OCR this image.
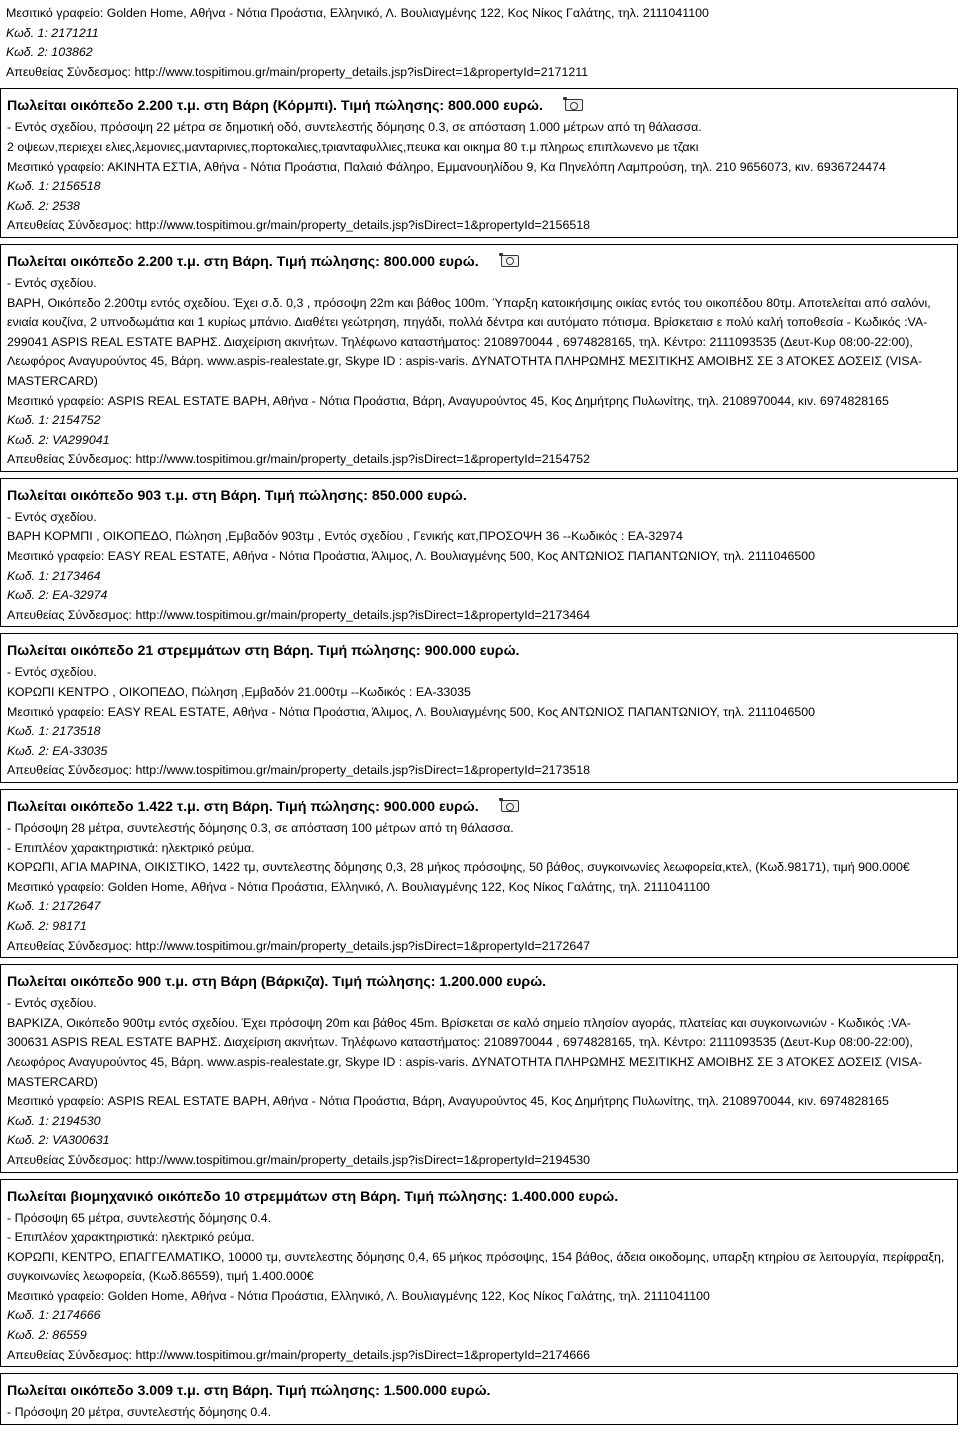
Μεσιτικό γραφείο: Golden Home, Αθήνα - Νότια Προάστια, Ελληνικό, Λ. Βουλιαγμένης 122, Κος Νίκος Γαλάτης, τηλ. 2111041100

Κωδ. 1: 2171211

Κωδ. 2: 103862

Απευθείας Σύνδεσμος: http://www.tospitimou.gr/main/property_details.jsp?isDirect=1&propertyId=2171211

Πωλείται οικόπεδο 2.200 τ.μ. στη Βάρη (Κόρμπι). Τιμή πώλησης: 800.000 ευρώ.

- Εντός σχεδίου, πρόσοψη 22 μέτρα σε δημοτική οδό, συντελεστής δόμησης 0.3, σε απόσταση 1.000 μέτρων από τη θάλασσα.

2 οψεων,περιεχει ελιες,λεμονιες,μανταρινιες,πορτοκαλιες,τριανταφυλλιες,πευκα και οικημα 80 τ.μ πληρως επιπλωνενο με τζακι

Μεσιτικό γραφείο: ΑΚΙΝΗΤΑ ΕΣΤΙΑ, Αθήνα - Νότια Προάστια, Παλαιό Φάληρο, Εμμανουηλίδου 9, Κα Πηνελόπη Λαμπρούση, τηλ. 210 9656073, κιν. 6936724474

Κωδ. 1: 2156518

Κωδ. 2: 2538

Απευθείας Σύνδεσμος: http://www.tospitimou.gr/main/property_details.jsp?isDirect=1&propertyId=2156518

Πωλείται οικόπεδο 2.200 τ.μ. στη Βάρη. Τιμή πώλησης: 800.000 ευρώ.

- Εντός σχεδίου.

ΒΑΡΗ, Οικόπεδο 2.200τμ εντός σχεδίου. Έχει σ.δ. 0,3 , πρόσοψη 22m και βάθος 100m. Ύπαρξη κατοικήσιμης οικίας εντός του οικοπέδου 80τμ. Αποτελείται από σαλόνι, ενιαία κουζίνα, 2 υπνοδωμάτια και 1 κυρίως μπάνιο. Διαθέτει γεώτρηση, πηγάδι, πολλά δέντρα και αυτόματο πότισμα. Βρίσκεταισ ε πολύ καλή τοποθεσία - Κωδικός :VA-299041 ASPIS REAL ESTATE ΒΑΡΗΣ. Διαχείριση ακινήτων. Τηλέφωνο καταστήματος: 2108970044 , 6974828165, τηλ. Κέντρο: 2111093535 (Δευτ-Κυρ 08:00-22:00), Λεωφόρος Αναγυρούντος 45, Βάρη. www.aspis-realestate.gr, Skype ID : aspis-varis. ΔΥΝΑΤΟΤΗΤΑ ΠΛΗΡΩΜΗΣ ΜΕΣΙΤΙΚΗΣ ΑΜΟΙΒΗΣ ΣΕ 3 ΑΤΟΚΕΣ ΔΟΣΕΙΣ (VISA-MASTERCARD)

Μεσιτικό γραφείο: ASPIS REAL ESTATE ΒΑΡΗ, Αθήνα - Νότια Προάστια, Βάρη, Αναγυρούντος 45, Κος Δημήτρης Πυλωνίτης, τηλ. 2108970044, κιν. 6974828165

Κωδ. 1: 2154752

Κωδ. 2: VA299041

Απευθείας Σύνδεσμος: http://www.tospitimou.gr/main/property_details.jsp?isDirect=1&propertyId=2154752

Πωλείται οικόπεδο 903 τ.μ. στη Βάρη. Τιμή πώλησης: 850.000 ευρώ.

- Εντός σχεδίου.

ΒΑΡΗ ΚΟΡΜΠΙ , ΟΙΚΟΠΕΔΟ, Πώληση ,Εμβαδόν 903τμ , Εντός σχεδίου , Γενικής κατ,ΠΡΟΣΟΨΗ 36 --Κωδικός : EA-32974

Μεσιτικό γραφείο: EASY REAL ESTATE, Αθήνα - Νότια Προάστια, Άλιμος, Λ. Βουλιαγμένης 500, Κος ΑΝΤΩΝΙΟΣ ΠΑΠΑΝΤΩΝΙΟΥ, τηλ. 2111046500

Κωδ. 1: 2173464

Κωδ. 2: EA-32974

Απευθείας Σύνδεσμος: http://www.tospitimou.gr/main/property_details.jsp?isDirect=1&propertyId=2173464

Πωλείται οικόπεδο 21 στρεμμάτων στη Βάρη. Τιμή πώλησης: 900.000 ευρώ.

- Εντός σχεδίου.

ΚΟΡΩΠΙ ΚΕΝΤΡΟ , ΟΙΚΟΠΕΔΟ, Πώληση ,Εμβαδόν 21.000τμ --Κωδικός : EA-33035

Μεσιτικό γραφείο: EASY REAL ESTATE, Αθήνα - Νότια Προάστια, Άλιμος, Λ. Βουλιαγμένης 500, Κος ΑΝΤΩΝΙΟΣ ΠΑΠΑΝΤΩΝΙΟΥ, τηλ. 2111046500

Κωδ. 1: 2173518

Κωδ. 2: EA-33035

Απευθείας Σύνδεσμος: http://www.tospitimou.gr/main/property_details.jsp?isDirect=1&propertyId=2173518

Πωλείται οικόπεδο 1.422 τ.μ. στη Βάρη. Τιμή πώλησης: 900.000 ευρώ.

- Πρόσοψη 28 μέτρα, συντελεστής δόμησης 0.3, σε απόσταση 100 μέτρων από τη θάλασσα.

- Επιπλέον χαρακτηριστικά: ηλεκτρικό ρεύμα.

ΚΟΡΩΠΙ, ΑΓΙΑ ΜΑΡΙΝΑ, ΟΙΚΙΣΤΙΚΟ, 1422 τμ, συντελεστης δόμησης 0,3, 28 μήκος πρόσοψης, 50 βάθος, συγκοινωνίες λεωφορεία,κτελ, (Κωδ.98171), τιμή 900.000€

Μεσιτικό γραφείο: Golden Home, Αθήνα - Νότια Προάστια, Ελληνικό, Λ. Βουλιαγμένης 122, Κος Νίκος Γαλάτης, τηλ. 2111041100

Κωδ. 1: 2172647

Κωδ. 2: 98171

Απευθείας Σύνδεσμος: http://www.tospitimou.gr/main/property_details.jsp?isDirect=1&propertyId=2172647

Πωλείται οικόπεδο 900 τ.μ. στη Βάρη (Βάρκιζα). Τιμή πώλησης: 1.200.000 ευρώ.

- Εντός σχεδίου.

ΒΑΡΚΙΖΑ, Οικόπεδο 900τμ εντός σχεδίου. Έχει πρόσοψη 20m και βάθος 45m. Βρίσκεται σε καλό σημείο πλησίον αγοράς, πλατείας και συγκοινωνιών - Κωδικός :VA-300631 ASPIS REAL ESTATE ΒΑΡΗΣ. Διαχείριση ακινήτων. Τηλέφωνο καταστήματος: 2108970044 , 6974828165, τηλ. Κέντρο: 2111093535 (Δευτ-Κυρ 08:00-22:00), Λεωφόρος Αναγυρούντος 45, Βάρη. www.aspis-realestate.gr, Skype ID : aspis-varis. ΔΥΝΑΤΟΤΗΤΑ ΠΛΗΡΩΜΗΣ ΜΕΣΙΤΙΚΗΣ ΑΜΟΙΒΗΣ ΣΕ 3 ΑΤΟΚΕΣ ΔΟΣΕΙΣ (VISA-MASTERCARD)

Μεσιτικό γραφείο: ASPIS REAL ESTATE ΒΑΡΗ, Αθήνα - Νότια Προάστια, Βάρη, Αναγυρούντος 45, Κος Δημήτρης Πυλωνίτης, τηλ. 2108970044, κιν. 6974828165

Κωδ. 1: 2194530

Κωδ. 2: VA300631

Απευθείας Σύνδεσμος: http://www.tospitimou.gr/main/property_details.jsp?isDirect=1&propertyId=2194530

Πωλείται βιομηχανικό οικόπεδο 10 στρεμμάτων στη Βάρη. Τιμή πώλησης: 1.400.000 ευρώ.

- Πρόσοψη 65 μέτρα, συντελεστής δόμησης 0.4.

- Επιπλέον χαρακτηριστικά: ηλεκτρικό ρεύμα.

ΚΟΡΩΠΙ, ΚΕΝΤΡΟ, ΕΠΑΓΓΕΛΜΑΤΙΚΟ, 10000 τμ, συντελεστης δόμησης 0,4, 65 μήκος πρόσοψης, 154 βάθος, άδεια οικοδομης, υπαρξη κτηρίου σε λειτουργία, περίφραξη, συγκοινωνίες λεωφορεία, (Κωδ.86559), τιμή 1.400.000€

Μεσιτικό γραφείο: Golden Home, Αθήνα - Νότια Προάστια, Ελληνικό, Λ. Βουλιαγμένης 122, Κος Νίκος Γαλάτης, τηλ. 2111041100

Κωδ. 1: 2174666

Κωδ. 2: 86559

Απευθείας Σύνδεσμος: http://www.tospitimou.gr/main/property_details.jsp?isDirect=1&propertyId=2174666

Πωλείται οικόπεδο 3.009 τ.μ. στη Βάρη. Τιμή πώλησης: 1.500.000 ευρώ.

- Πρόσοψη 20 μέτρα, συντελεστής δόμησης 0.4.
